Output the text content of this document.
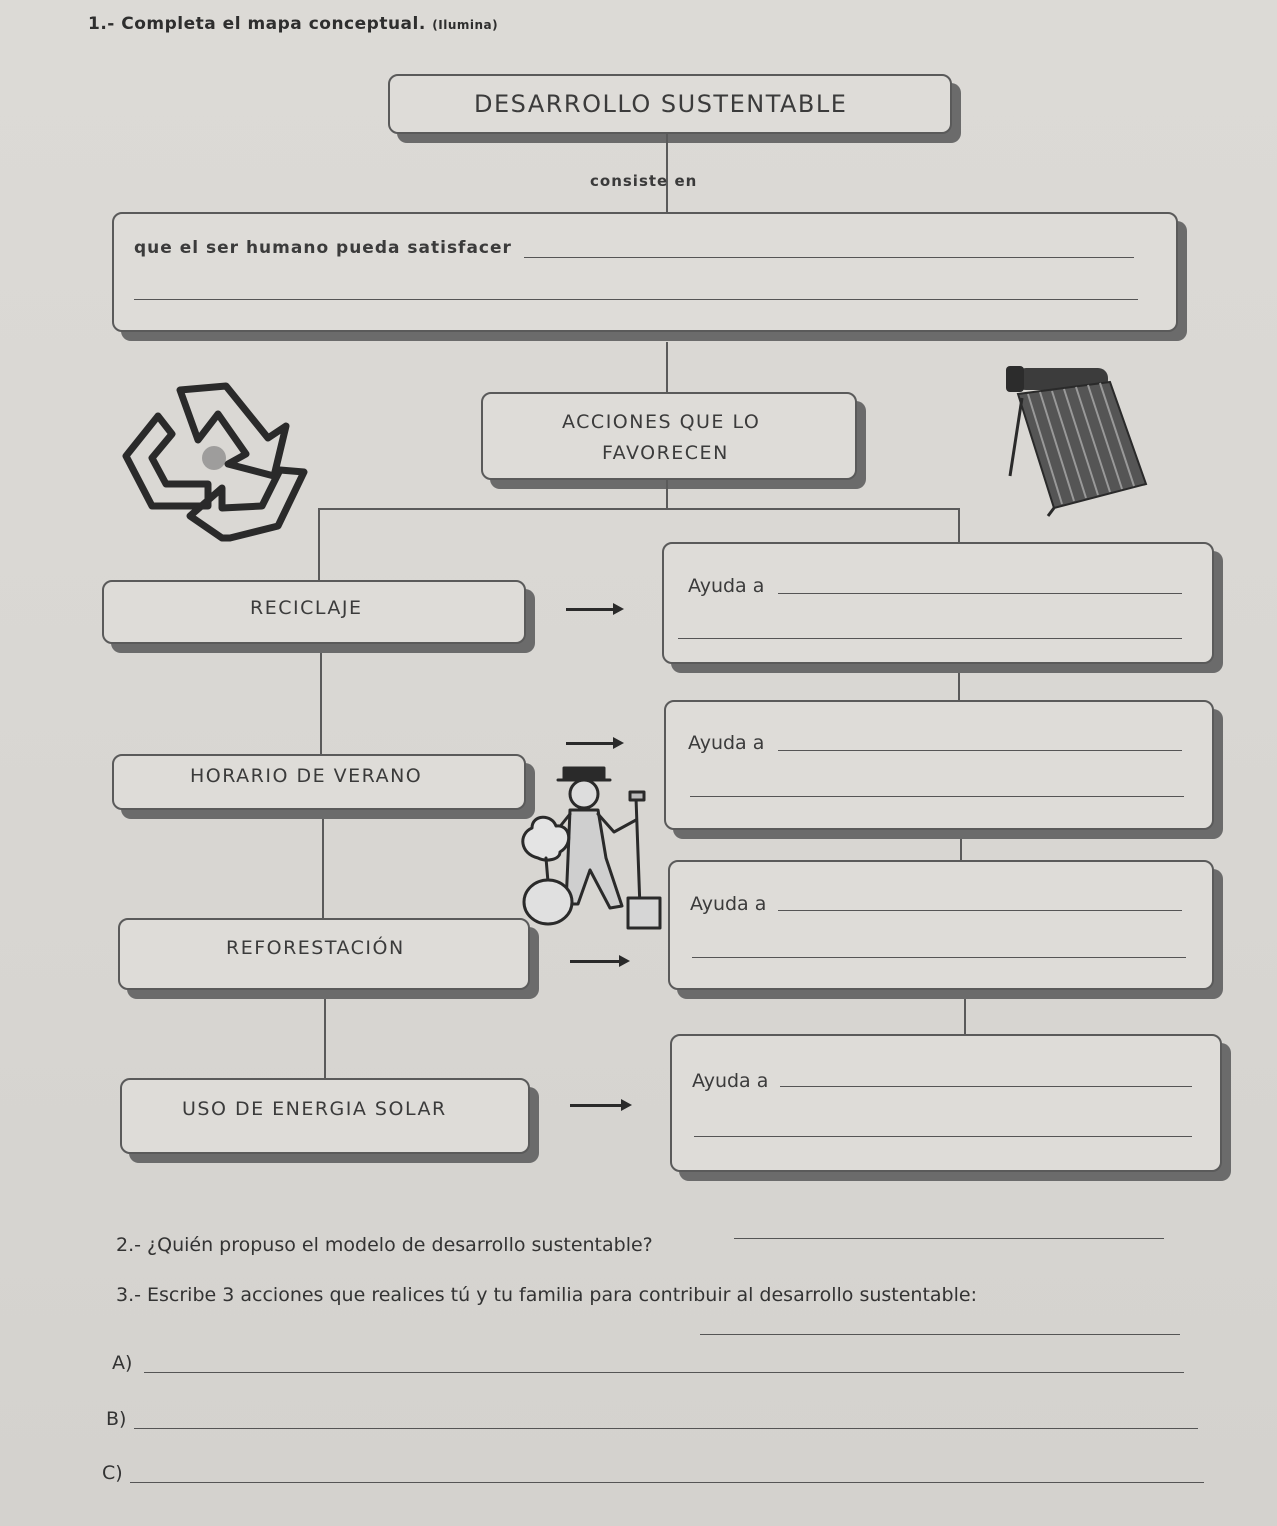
1.- Completa el mapa conceptual. (Ilumina)
DESARROLLO SUSTENTABLE
consiste en
que el ser humano pueda satisfacer
ACCIONES QUE LO
FAVORECEN
RECICLAJE
Ayuda a
HORARIO DE VERANO
Ayuda a
REFORESTACIÓN
Ayuda a
USO DE ENERGIA SOLAR
Ayuda a
2.- ¿Quién propuso el modelo de desarrollo sustentable?
3.- Escribe 3 acciones que realices tú y tu familia para contribuir al desarrollo sustentable:
A)
B)
C)
